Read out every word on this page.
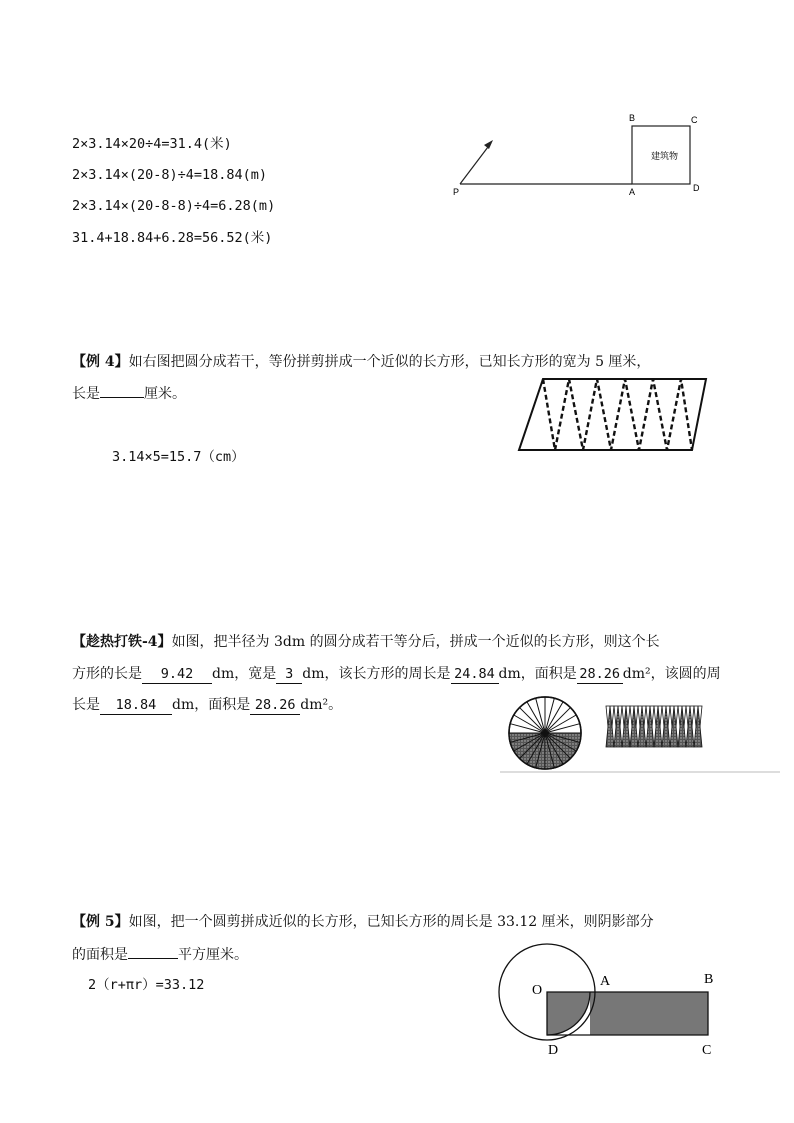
2×3.14×20÷4=31.4(米)
2×3.14×(20-8)÷4=18.84(m)
2×3.14×(20-8-8)÷4=6.28(m)
31.4+18.84+6.28=56.52(米)
B	C
A	D
P
建筑物
【例 4】如右图把圆分成若干，等份拼剪拼成一个近似的长方形，已知长方形的宽为 5 厘米，
长是	厘米。
3.14×5=15.7（cm）
【趁热打铁-4】如图，把半径为 3dm 的圆分成若干等分后，拼成一个近似的长方形，则这个长
方形的长是 9.42 dm，宽是 3 dm，该长方形的周长是 24.84 dm，面积是 28.26 dm²，该圆的周
长是 18.84 dm，面积是 28.26 dm²。
【例 5】如图，把一个圆剪拼成近似的长方形，已知长方形的周长是 33.12 厘米，则阴影部分
的面积是	平方厘米。
2（r+πr）=33.12	O
A	B
C
D
